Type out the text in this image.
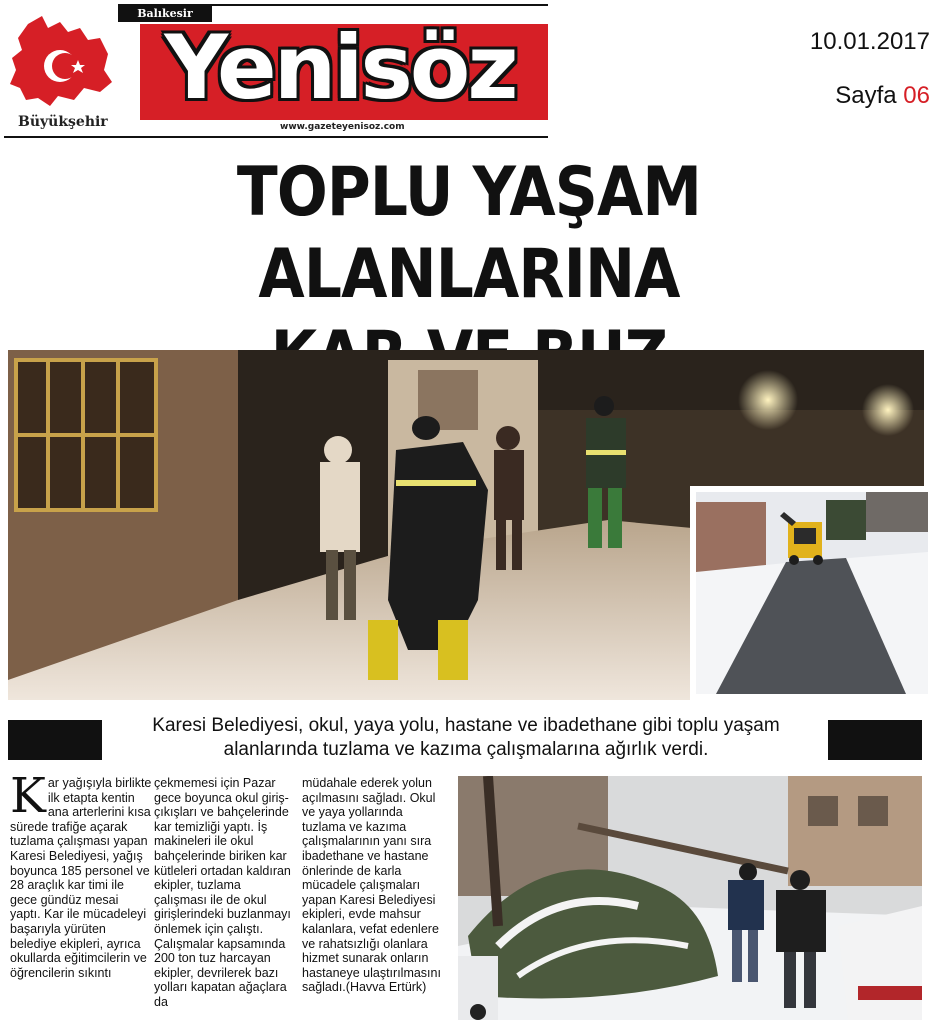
Büyükşehir
Balıkesir
Yenisöz
www.gazeteyenisoz.com
10.01.2017
Sayfa 06
TOPLU YAŞAM ALANLARINA
Karesi Belediyesi, okul, yaya yolu, hastane ve ibadethane gibi toplu yaşam alanlarında tuzlama ve kazıma çalışmalarına ağırlık verdi.
Kar yağışıyla birlikte ilk etapta kentin ana arterlerini kısa sürede trafiğe açarak tuzlama çalışması yapan Karesi Belediyesi, yağış boyunca 185 personel ve 28 araçlık kar timi ile gece gündüz mesai yaptı. Kar ile mücadeleyi başarıyla yürüten belediye ekipleri, ayrıca okullarda eğitimcilerin ve öğrencilerin sıkıntı
çekmemesi için Pazar gece boyunca okul giriş-çıkışları ve bahçelerinde kar temizliği yaptı. İş makineleri ile okul bahçelerinde biriken kar kütleleri ortadan kaldıran ekipler, tuzlama çalışması ile de okul girişlerindeki buzlanmayı önlemek için çalıştı. Çalışmalar kapsamında 200 ton tuz harcayan ekipler, devrilerek bazı yolları kapatan ağaçlara da
müdahale ederek yolun açılmasını sağladı. Okul ve yaya yollarında tuzlama ve kazıma çalışmalarının yanı sıra ibadethane ve hastane önlerinde de karla mücadele çalışmaları yapan Karesi Belediyesi ekipleri, evde mahsur kalanlara, vefat edenlere ve rahatsızlığı olanlara hizmet sunarak onların hastaneye ulaştırılmasını sağladı.(Havva Ertürk)
